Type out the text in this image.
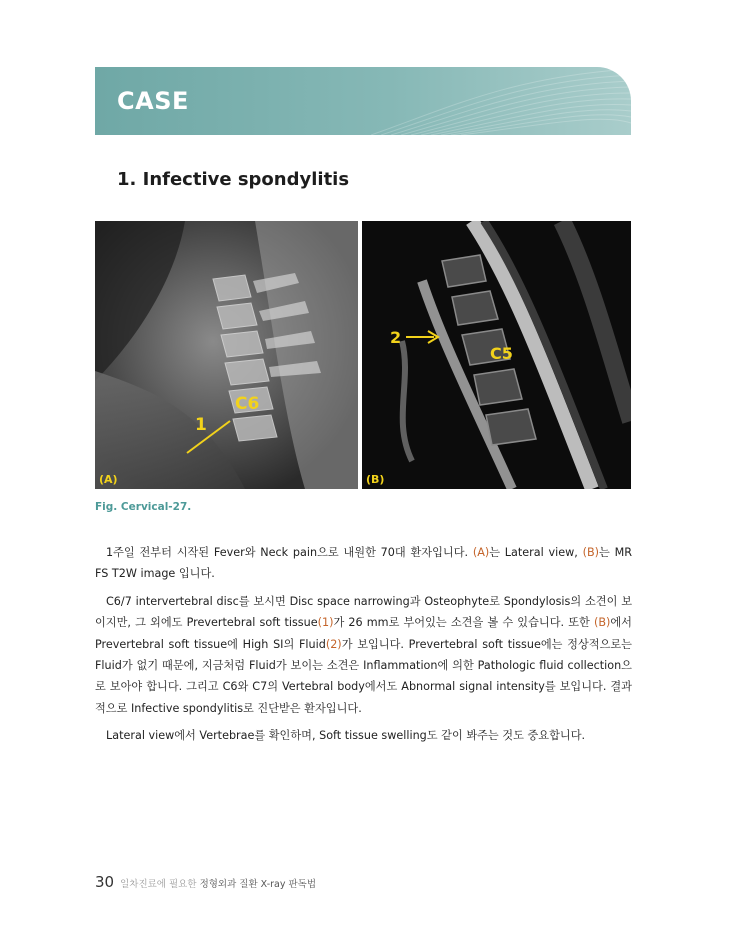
CASE
1. Infective spondylitis
C6
1
(A)
2
C5
(B)
Fig. Cervical-27.

1주일 전부터 시작된 Fever와 Neck pain으로 내원한 70대 환자입니다. (A)는 Lateral view, (B)는 MR FS T2W image 입니다.

C6/7 intervertebral disc를 보시면 Disc space narrowing과 Osteophyte로 Spondylosis의 소견이 보이지만, 그 외에도 Prevertebral soft tissue(1)가 26 mm로 부어있는 소견을 볼 수 있습니다. 또한 (B)에서 Prevertebral soft tissue에 High SI의 Fluid(2)가 보입니다. Prevertebral soft tissue에는 정상적으로는 Fluid가 없기 때문에, 지금처럼 Fluid가 보이는 소견은 Inflammation에 의한 Pathologic fluid collection으로 보아야 합니다. 그리고 C6와 C7의 Vertebral body에서도 Abnormal signal intensity를 보입니다. 결과적으로 Infective spondylitis로 진단받은 환자입니다.

Lateral view에서 Vertebrae를 확인하며, Soft tissue swelling도 같이 봐주는 것도 중요합니다.

30 일차진료에 필요한 정형외과 질환 X-ray 판독법
